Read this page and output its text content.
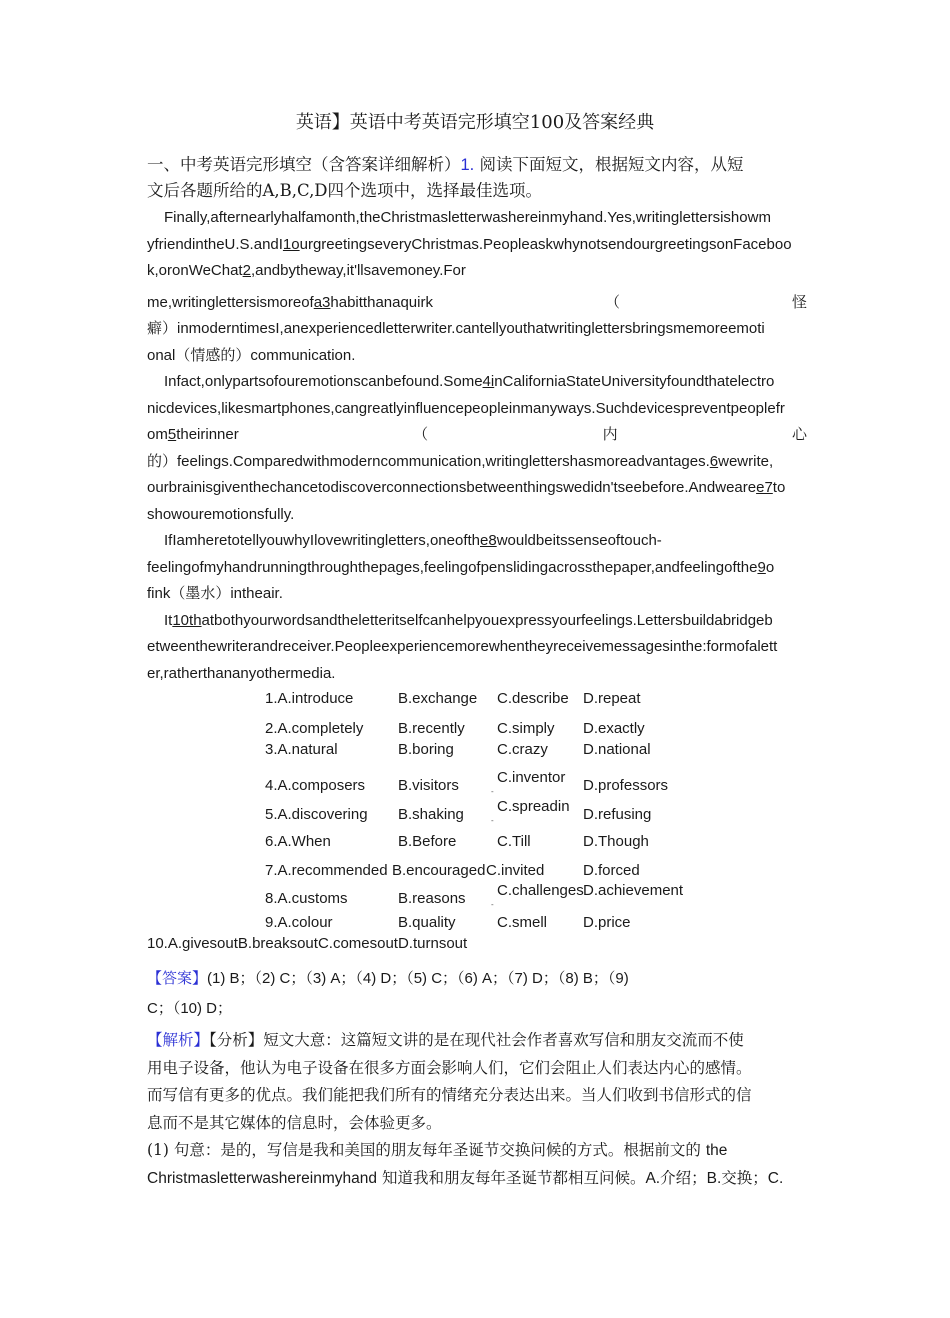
英语】英语中考英语完形填空100及答案经典
一、中考英语完形填空（含答案详细解析）1. 阅读下面短文，根据短文内容，从短
文后各题所给的A,B,C,D四个选项中，选择最佳选项。
Finally,afternearlyhalfamonth,theChristmasletterwashereinmyhand.Yes,writinglettersishowm
yfriendintheU.S.andI1ourgreetingseveryChristmas.PeopleaskwhynotsendourgreetingsonFaceboo
k,oronWeChat2,andbytheway,it'llsavemoney.For
me,writinglettersismoreofa3habitthanaquirk	（	怪
癖）inmoderntimesI,anexperiencedletterwriter.cantellyouthatwritinglettersbringsmemoreemoti
onal（情感的）communication.
Infact,onlypartsofouremotionscanbefound.Some4inCaliforniaStateUniversityfoundthatelectro
nicdevices,likesmartphones,cangreatlyinfluencepeopleinmanyways.Suchdevicespreventpeoplefr
om5theirinner	（	内	心
的）feelings.Comparedwithmoderncommunication,writinglettershasmoreadvantages.6wewrite,
ourbrainisgiventhechancetodiscoverconnectionsbetweenthingswedidn'tseebefore.Andwearee7to
showouremotionsfully.
IfIamheretotellyouwhyIlovewritingletters,oneofthe8wouldbeitssenseoftouch-
feelingofmyhandrunningthroughthepages,feelingofpenslidingacrossthepaper,andfeelingofthe9o
fink（墨水）intheair.
It10thatbothyourwordsandtheletteritselfcanhelpyouexpressyourfeelings.Lettersbuildabridgeb
etweenthewriterandreceiver.Peopleexperiencemorewhentheyreceivemessagesinthe:formofalett
er,ratherthananyothermedia.
1.A.introduce	B.exchange C.describe D.repeat
2.A.completely B.recently C.simply D.exactly
3.A.natural	B.boring	C.crazy D.national
4.A.composers B.visitors	C.inventor D.professors
-
5.A.discovering B.shaking C.spreadin D.refusing
-
6.A.When	B.Before	C.Till	D.Though
7.A.recommended B.encouraged C.invited	D.forced
8.A.customs	B.reasons C.challenges D.achievement
-
9.A.colour	B.quality	C.smell D.price
10.A.givesoutB.breaksoutC.comesoutD.turnsout
【答案】(1) B；（2) C；（3) A；（4) D；（5) C；（6) A；（7) D；（8) B；（9)
C；（10) D；
【解析】【分析】短文大意：这篇短文讲的是在现代社会作者喜欢写信和朋友交流而不使
用电子设备，他认为电子设备在很多方面会影响人们，它们会阻止人们表达内心的感情。
而写信有更多的优点。我们能把我们所有的情绪充分表达出来。当人们收到书信形式的信
息而不是其它媒体的信息时，会体验更多。
(1) 句意：是的，写信是我和美国的朋友每年圣诞节交换问候的方式。根据前文的 the
Christmasletterwashereinmyhand 知道我和朋友每年圣诞节都相互问候。A.介绍；B.交换；C.
